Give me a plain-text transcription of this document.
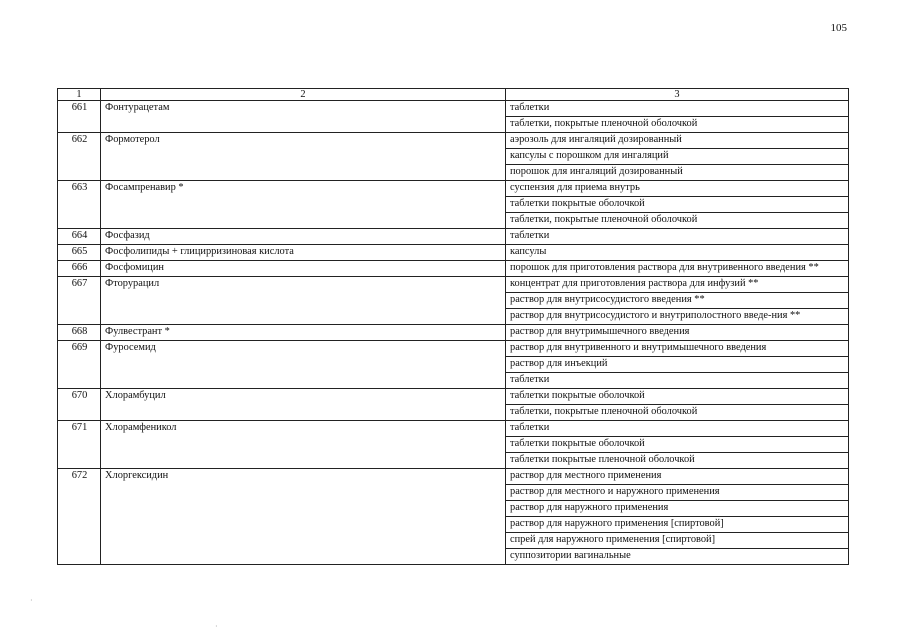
105
1	2	3
661	Фонтурацетам	таблетки
		таблетки, покрытые пленочной оболочкой
662	Формотерол	аэрозоль для ингаляций дозированный
		капсулы с порошком для ингаляций
		порошок для ингаляций дозированный
663	Фосампренавир *	суспензия для приема внутрь
		таблетки покрытые оболочкой
		таблетки, покрытые пленочной оболочкой
664	Фосфазид	таблетки
665	Фосфолипиды + глицирризиновая кислота	капсулы
666	Фосфомицин	порошок для приготовления раствора для внутривенного введения **
667	Фторурацил	концентрат для приготовления раствора для инфузий **
		раствор для внутрисосудистого введения **
		раствор для внутрисосудистого и внутриполостного введе-ния **
668	Фулвестрант *	раствор для внутримышечного введения
669	Фуросемид	раствор для внутривенного и внутримышечного введения
		раствор для инъекций
		таблетки
670	Хлорамбуцил	таблетки покрытые оболочкой
		таблетки, покрытые пленочной оболочкой
671	Хлорамфеникол	таблетки
		таблетки покрытые оболочкой
		таблетки покрытые пленочной оболочкой
672	Хлоргексидин	раствор для местного применения
		раствор для местного и наружного применения
		раствор для наружного применения
		раствор для наружного применения [спиртовой]
		спрей для наружного применения [спиртовой]
		суппозитории вагинальные
·
·
